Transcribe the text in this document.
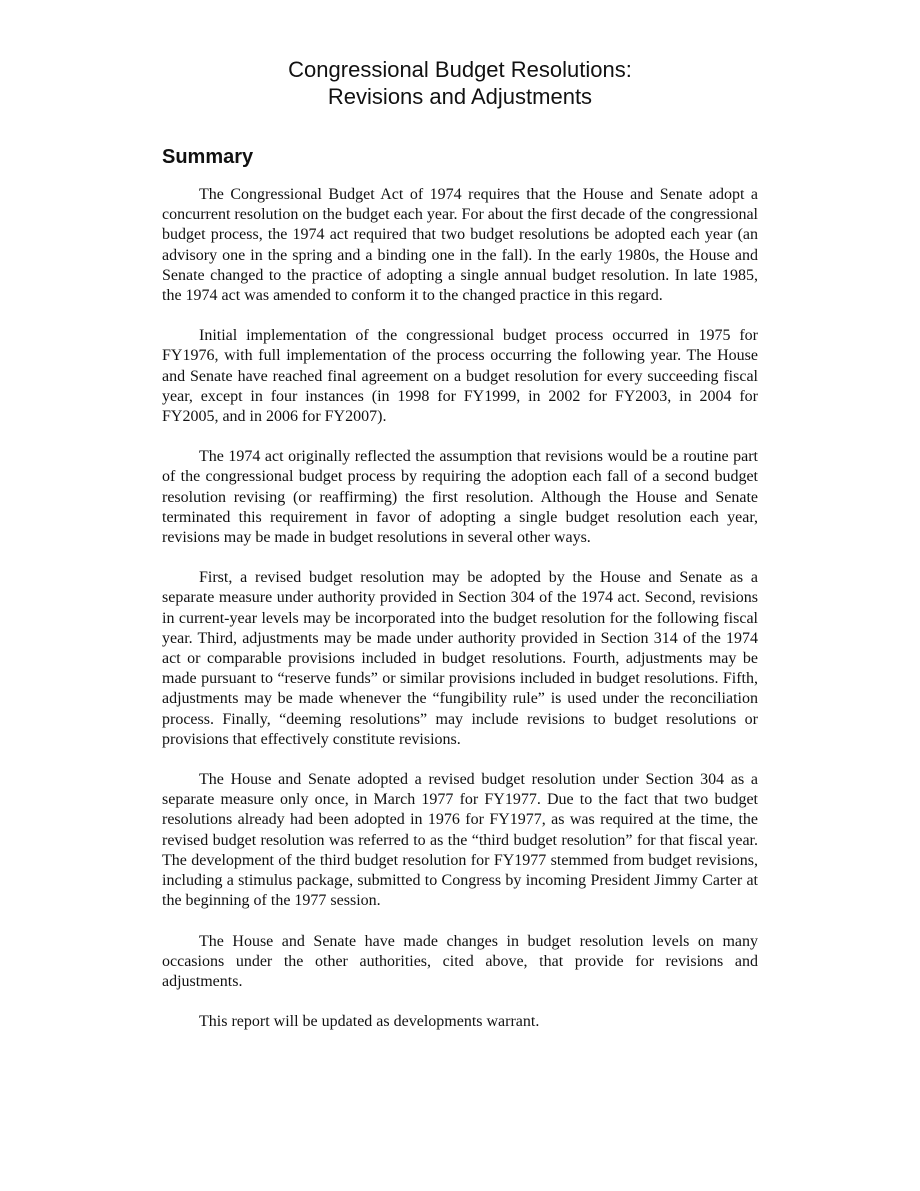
Congressional Budget Resolutions:
Revisions and Adjustments
Summary

The Congressional Budget Act of 1974 requires that the House and Senate adopt a concurrent resolution on the budget each year. For about the first decade of the congressional budget process, the 1974 act required that two budget resolutions be adopted each year (an advisory one in the spring and a binding one in the fall). In the early 1980s, the House and Senate changed to the practice of adopting a single annual budget resolution. In late 1985, the 1974 act was amended to conform it to the changed practice in this regard.

Initial implementation of the congressional budget process occurred in 1975 for FY1976, with full implementation of the process occurring the following year. The House and Senate have reached final agreement on a budget resolution for every succeeding fiscal year, except in four instances (in 1998 for FY1999, in 2002 for FY2003, in 2004 for FY2005, and in 2006 for FY2007).

The 1974 act originally reflected the assumption that revisions would be a routine part of the congressional budget process by requiring the adoption each fall of a second budget resolution revising (or reaffirming) the first resolution. Although the House and Senate terminated this requirement in favor of adopting a single budget resolution each year, revisions may be made in budget resolutions in several other ways.

First, a revised budget resolution may be adopted by the House and Senate as a separate measure under authority provided in Section 304 of the 1974 act. Second, revisions in current-year levels may be incorporated into the budget resolution for the following fiscal year. Third, adjustments may be made under authority provided in Section 314 of the 1974 act or comparable provisions included in budget resolutions. Fourth, adjustments may be made pursuant to “reserve funds” or similar provisions included in budget resolutions. Fifth, adjustments may be made whenever the “fungibility rule” is used under the reconciliation process. Finally, “deeming resolutions” may include revisions to budget resolutions or provisions that effectively constitute revisions.

The House and Senate adopted a revised budget resolution under Section 304 as a separate measure only once, in March 1977 for FY1977. Due to the fact that two budget resolutions already had been adopted in 1976 for FY1977, as was required at the time, the revised budget resolution was referred to as the “third budget resolution” for that fiscal year. The development of the third budget resolution for FY1977 stemmed from budget revisions, including a stimulus package, submitted to Congress by incoming President Jimmy Carter at the beginning of the 1977 session.

The House and Senate have made changes in budget resolution levels on many occasions under the other authorities, cited above, that provide for revisions and adjustments.

This report will be updated as developments warrant.
